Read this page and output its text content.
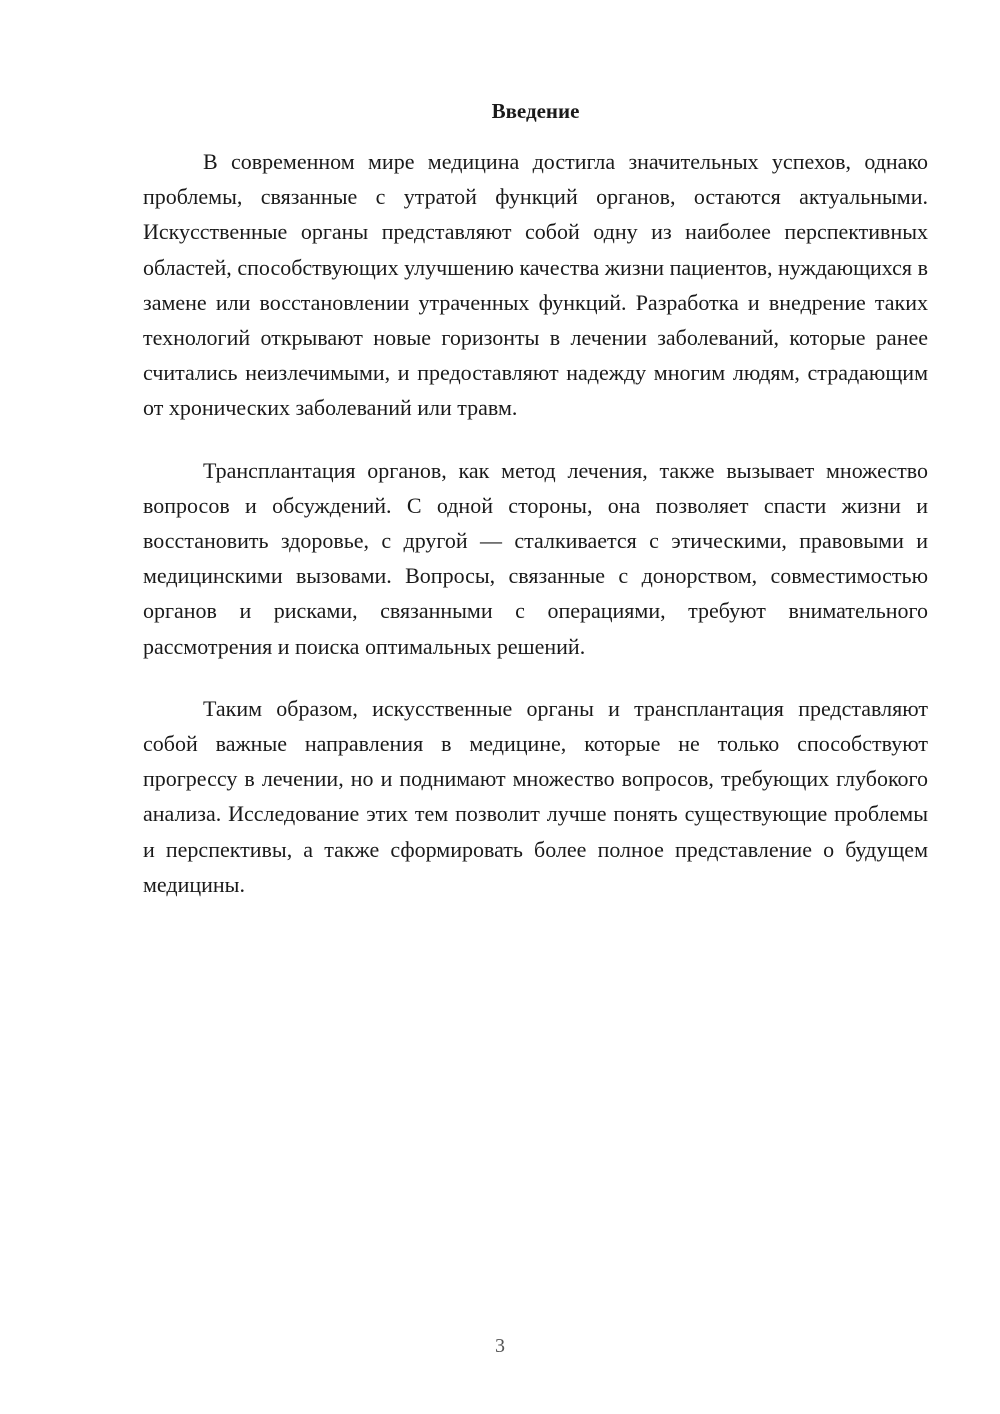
Введение

В современном мире медицина достигла значительных успехов, однако проблемы, связанные с утратой функций органов, остаются актуальными. Искусственные органы представляют собой одну из наиболее перспективных областей, способствующих улучшению качества жизни пациентов, нуждающихся в замене или восстановлении утраченных функций. Разработка и внедрение таких технологий открывают новые горизонты в лечении заболеваний, которые ранее считались неизлечимыми, и предоставляют надежду многим людям, страдающим от хронических заболеваний или травм.

Трансплантация органов, как метод лечения, также вызывает множество вопросов и обсуждений. С одной стороны, она позволяет спасти жизни и восстановить здоровье, с другой — сталкивается с этическими, правовыми и медицинскими вызовами. Вопросы, связанные с донорством, совместимостью органов и рисками, связанными с операциями, требуют внимательного рассмотрения и поиска оптимальных решений.

Таким образом, искусственные органы и трансплантация представляют собой важные направления в медицине, которые не только способствуют прогрессу в лечении, но и поднимают множество вопросов, требующих глубокого анализа. Исследование этих тем позволит лучше понять существующие проблемы и перспективы, а также сформировать более полное представление о будущем медицины.

3
